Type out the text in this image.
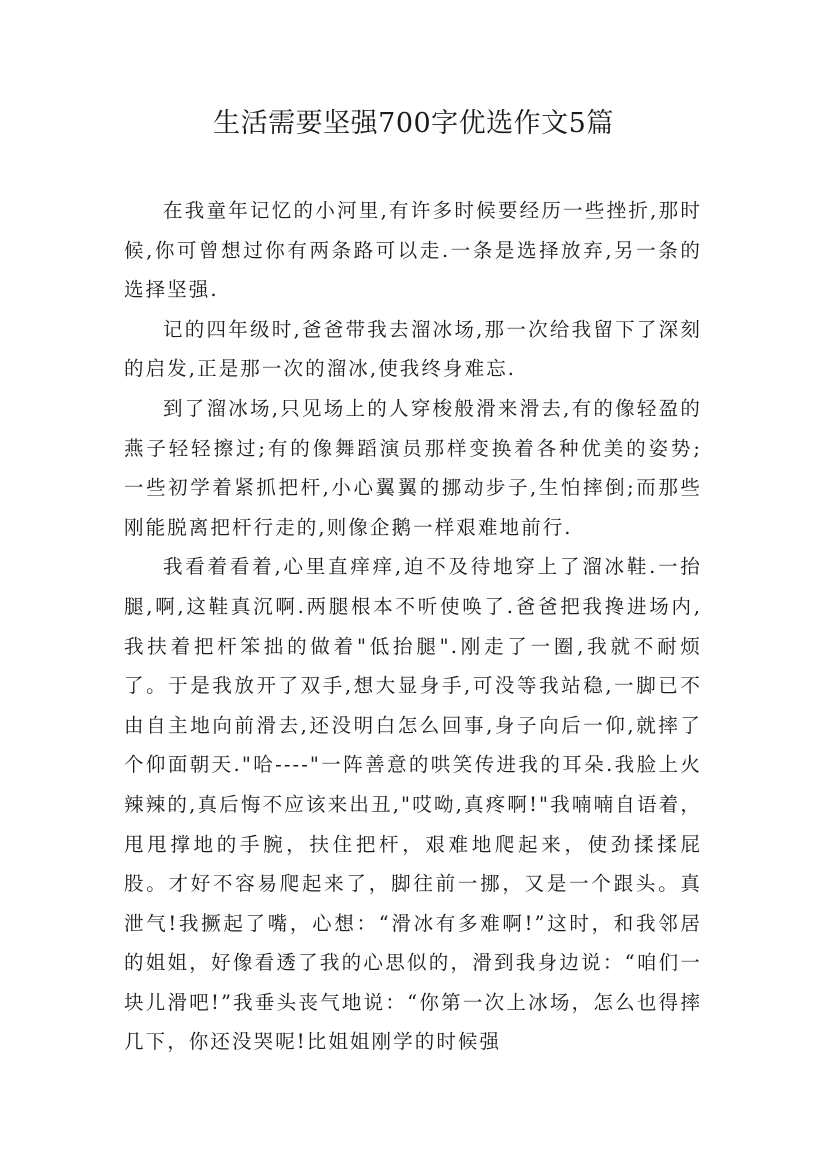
生活需要坚强700字优选作文5篇

在我童年记忆的小河里,有许多时候要经历一些挫折,那时候,你可曾想过你有两条路可以走.一条是选择放弃,另一条的选择坚强.

记的四年级时,爸爸带我去溜冰场,那一次给我留下了深刻的启发,正是那一次的溜冰,使我终身难忘.

到了溜冰场,只见场上的人穿梭般滑来滑去,有的像轻盈的燕子轻轻擦过;有的像舞蹈演员那样变换着各种优美的姿势;一些初学着紧抓把杆,小心翼翼的挪动步子,生怕摔倒;而那些刚能脱离把杆行走的,则像企鹅一样艰难地前行.

我看着看着,心里直痒痒,迫不及待地穿上了溜冰鞋.一抬腿,啊,这鞋真沉啊.两腿根本不听使唤了.爸爸把我搀进场内,我扶着把杆笨拙的做着"低抬腿".刚走了一圈,我就不耐烦了。于是我放开了双手,想大显身手,可没等我站稳,一脚已不由自主地向前滑去,还没明白怎么回事,身子向后一仰,就摔了个仰面朝天."哈----"一阵善意的哄笑传进我的耳朵.我脸上火辣辣的,真后悔不应该来出丑,"哎呦,真疼啊!"我喃喃自语着，甩甩撑地的手腕，扶住把杆，艰难地爬起来，使劲揉揉屁股。才好不容易爬起来了，脚往前一挪，又是一个跟头。真泄气!我撅起了嘴，心想：“滑冰有多难啊!”这时，和我邻居的姐姐，好像看透了我的心思似的，滑到我身边说：“咱们一块儿滑吧!”我垂头丧气地说：“你第一次上冰场，怎么也得摔几下，你还没哭呢!比姐姐刚学的时候强
